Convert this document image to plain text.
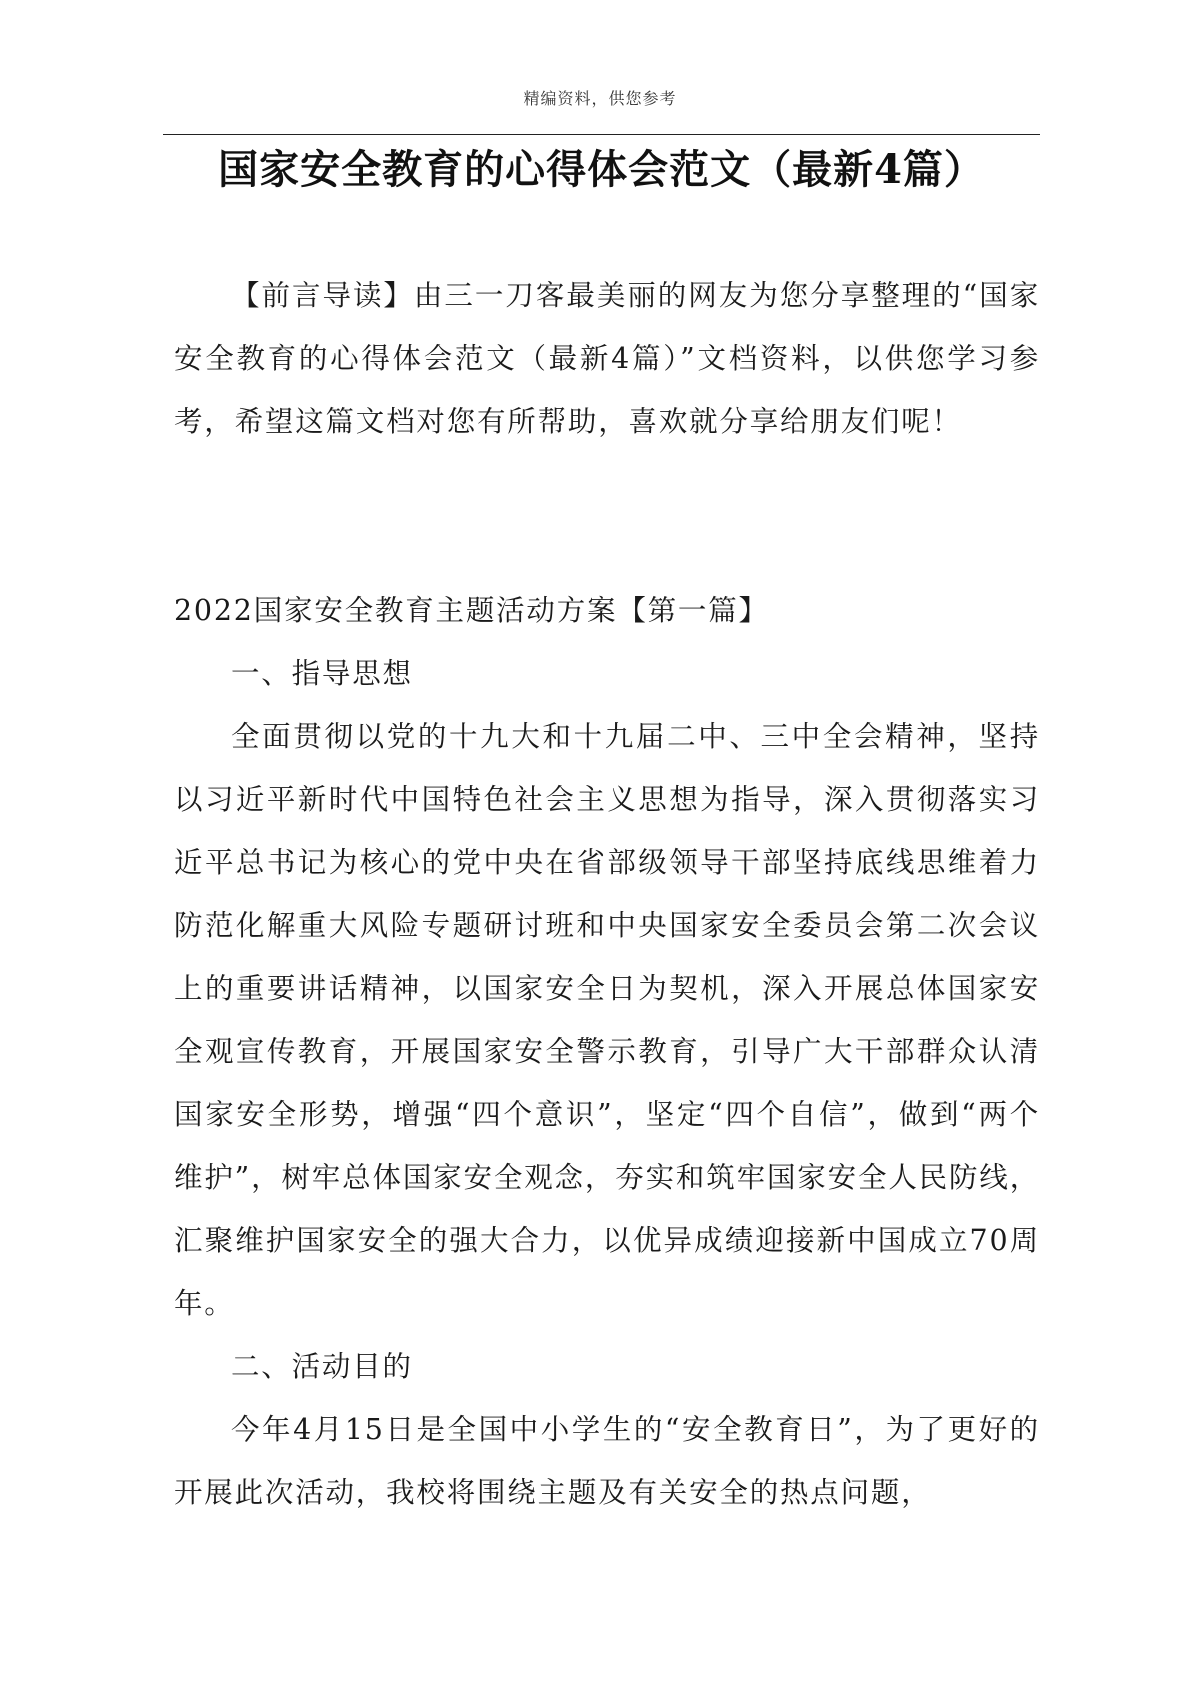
精编资料，供您参考
国家安全教育的心得体会范文（最新4篇）

【前言导读】由三一刀客最美丽的网友为您分享整理的“国家安全教育的心得体会范文（最新4篇）”文档资料，以供您学习参考，希望这篇文档对您有所帮助，喜欢就分享给朋友们呢！

2022国家安全教育主题活动方案【第一篇】

一、指导思想

全面贯彻以党的十九大和十九届二中、三中全会精神，坚持以习近平新时代中国特色社会主义思想为指导，深入贯彻落实习近平总书记为核心的党中央在省部级领导干部坚持底线思维着力防范化解重大风险专题研讨班和中央国家安全委员会第二次会议上的重要讲话精神，以国家安全日为契机，深入开展总体国家安全观宣传教育，开展国家安全警示教育，引导广大干部群众认清国家安全形势，增强“四个意识”，坚定“四个自信”，做到“两个维护”，树牢总体国家安全观念，夯实和筑牢国家安全人民防线，汇聚维护国家安全的强大合力，以优异成绩迎接新中国成立70周年。

二、活动目的

今年4月15日是全国中小学生的“安全教育日”，为了更好的开展此次活动，我校将围绕主题及有关安全的热点问题，
